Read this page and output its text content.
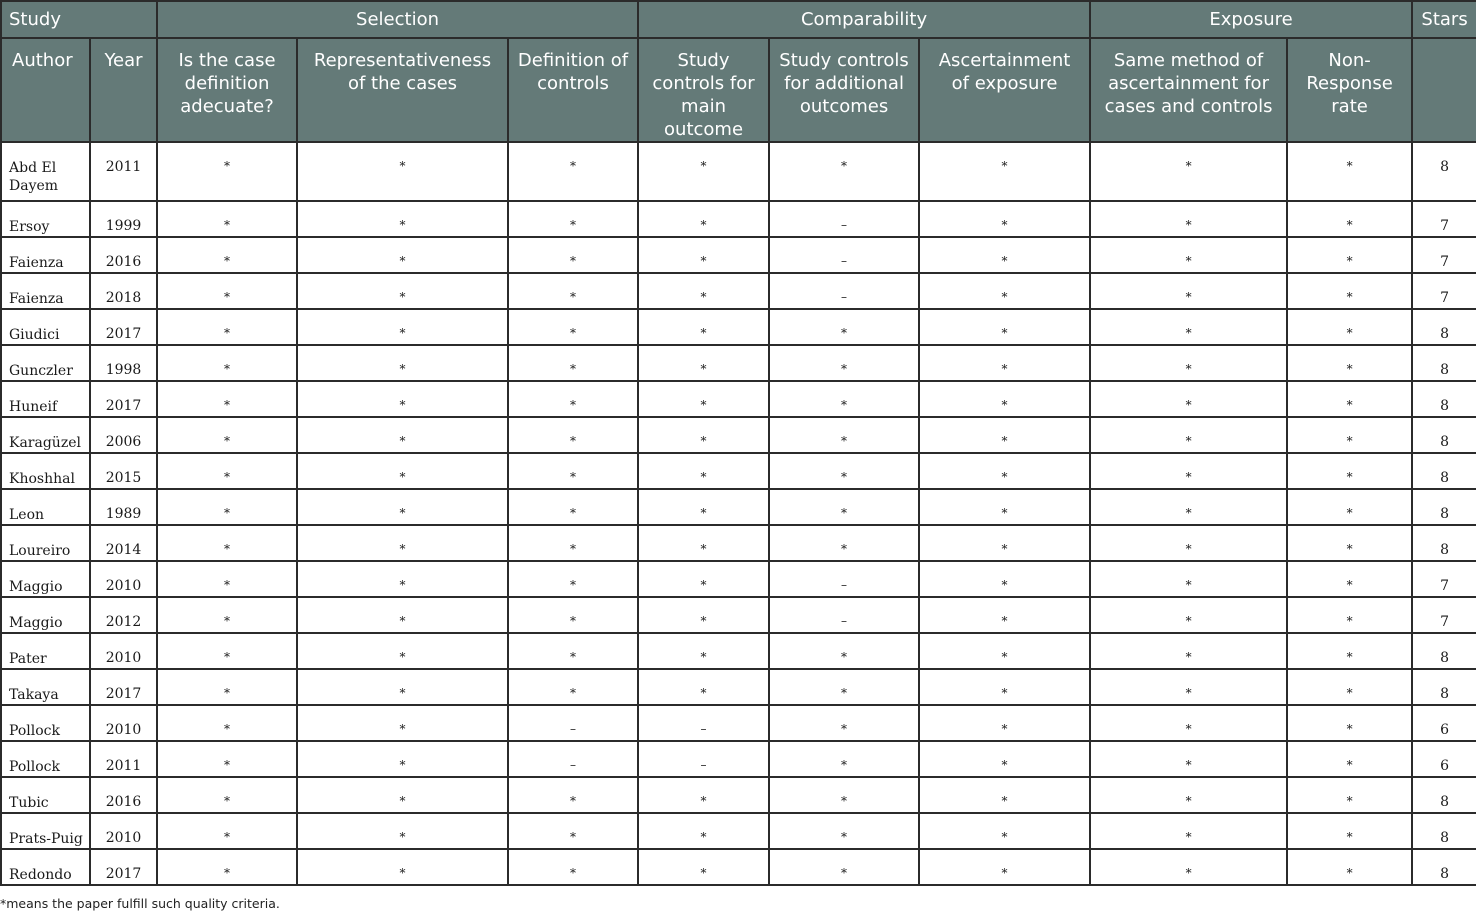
Study		Selection			Comparability			Exposure		Stars
Author	Year	Is the case definition adecuate?	Representativeness of the cases	Definition of controls	Study controls for main outcome	Study controls for additional outcomes	Ascertainment of exposure	Same method of ascertainment for cases and controls	Non-Response rate	
Abd El Dayem	2011	*	*	*	*	*	*	*	*	8
Ersoy	1999	*	*	*	*	–	*	*	*	7
Faienza	2016	*	*	*	*	–	*	*	*	7
Faienza	2018	*	*	*	*	–	*	*	*	7
Giudici	2017	*	*	*	*	*	*	*	*	8
Gunczler	1998	*	*	*	*	*	*	*	*	8
Huneif	2017	*	*	*	*	*	*	*	*	8
Karagüzel	2006	*	*	*	*	*	*	*	*	8
Khoshhal	2015	*	*	*	*	*	*	*	*	8
Leon	1989	*	*	*	*	*	*	*	*	8
Loureiro	2014	*	*	*	*	*	*	*	*	8
Maggio	2010	*	*	*	*	–	*	*	*	7
Maggio	2012	*	*	*	*	–	*	*	*	7
Pater	2010	*	*	*	*	*	*	*	*	8
Takaya	2017	*	*	*	*	*	*	*	*	8
Pollock	2010	*	*	–	–	*	*	*	*	6
Pollock	2011	*	*	–	–	*	*	*	*	6
Tubic	2016	*	*	*	*	*	*	*	*	8
Prats-Puig	2010	*	*	*	*	*	*	*	*	8
Redondo	2017	*	*	*	*	*	*	*	*	8
*means the paper fulfill such quality criteria.
